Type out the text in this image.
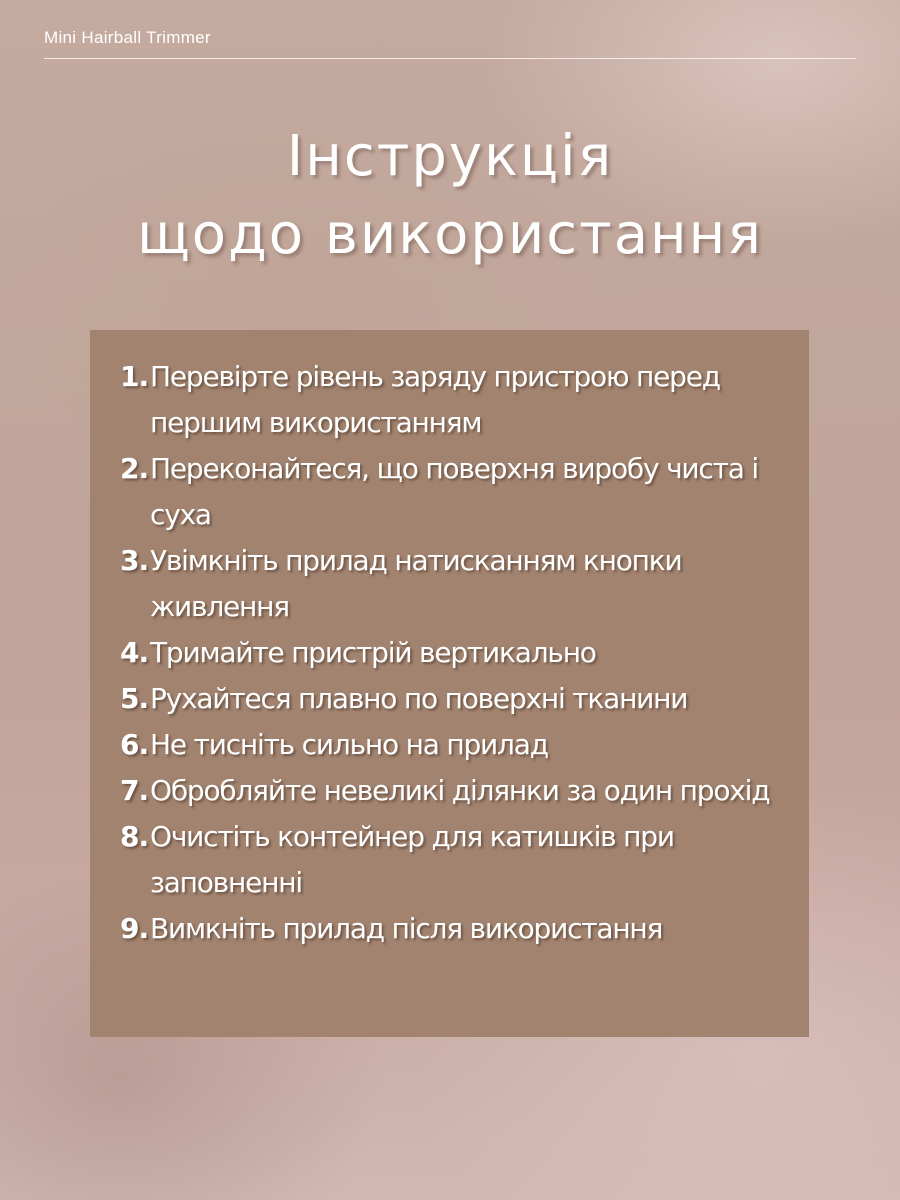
Mini Hairball Trimmer
Інструкція
щодо використання
1. Перевірте рівень заряду пристрою перед першим використанням
2. Переконайтеся, що поверхня виробу чиста і суха
3. Увімкніть прилад натисканням кнопки живлення
4. Тримайте пристрій вертикально
5. Рухайтеся плавно по поверхні тканини
6. Не тисніть сильно на прилад
7. Обробляйте невеликі ділянки за один прохід
8. Очистіть контейнер для катишків при заповненні
9. Вимкніть прилад після використання
